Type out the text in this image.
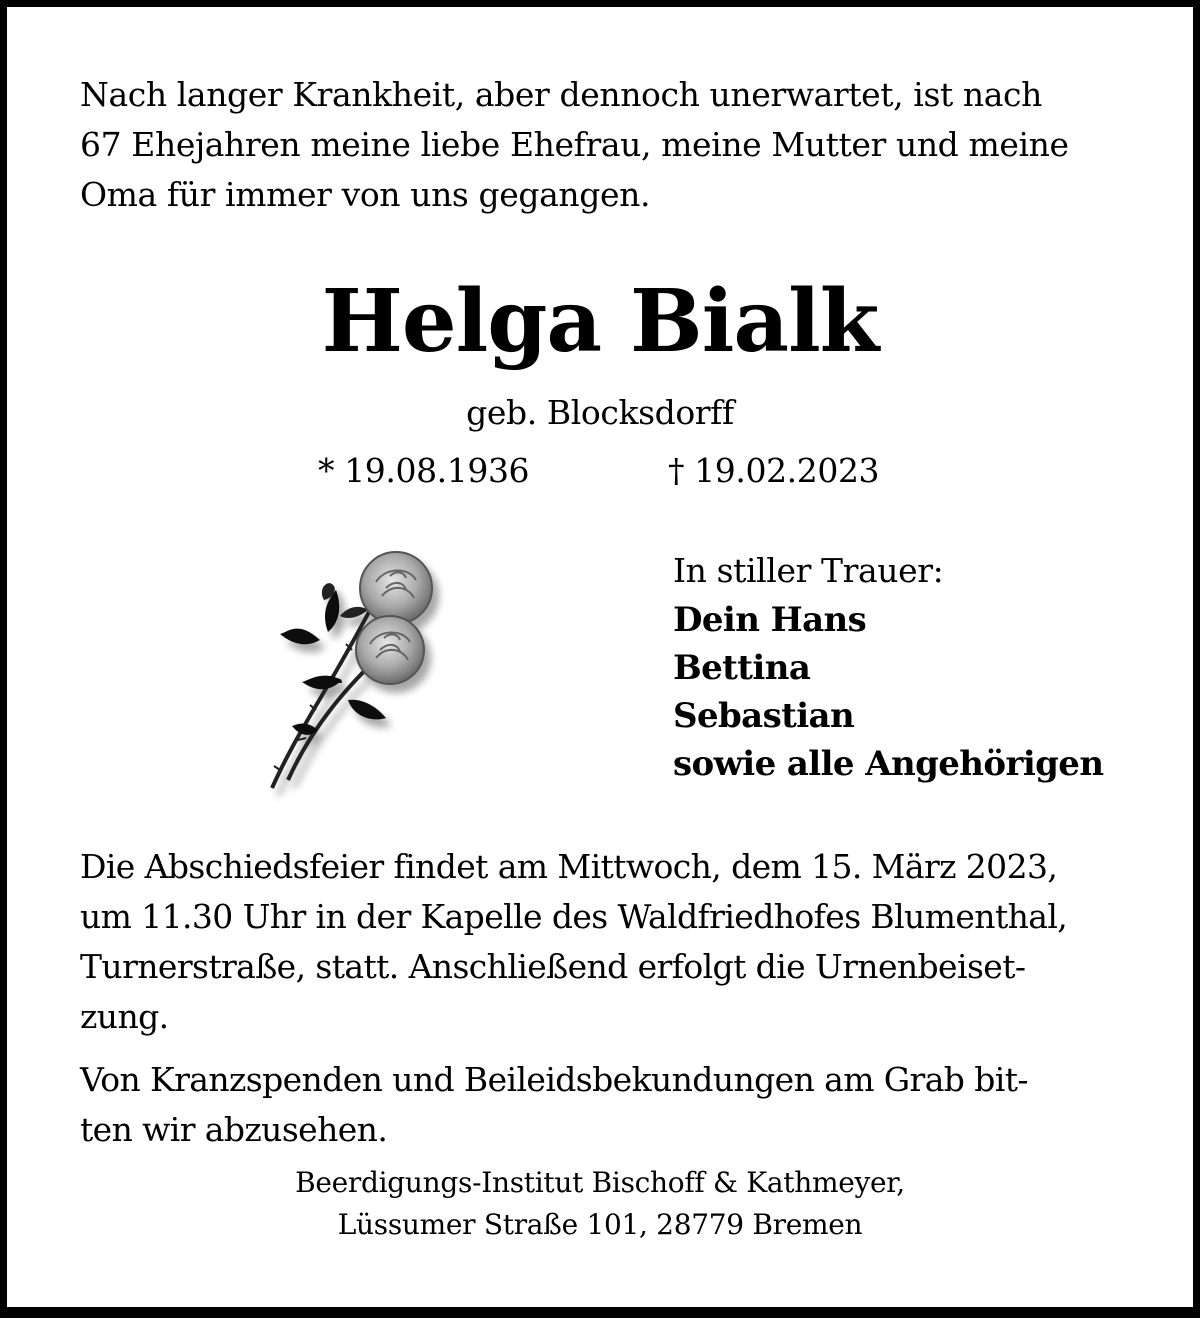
Nach langer Krankheit, aber dennoch unerwartet, ist nach
67 Ehejahren meine liebe Ehefrau, meine Mutter und meine
Oma für immer von uns gegangen.
Helga Bialk
geb. Blocksdorff
* 19.08.1936	† 19.02.2023
In stiller Trauer:
Dein Hans
Bettina
Sebastian
sowie alle Angehörigen
Die Abschiedsfeier findet am Mittwoch, dem 15. März 2023,
um 11.30 Uhr in der Kapelle des Waldfriedhofes Blumenthal,
Turnerstraße, statt. Anschließend erfolgt die Urnenbeiset-
zung.
Von Kranzspenden und Beileidsbekundungen am Grab bit-
ten wir abzusehen.
Beerdigungs-Institut Bischoff & Kathmeyer,
Lüssumer Straße 101, 28779 Bremen
